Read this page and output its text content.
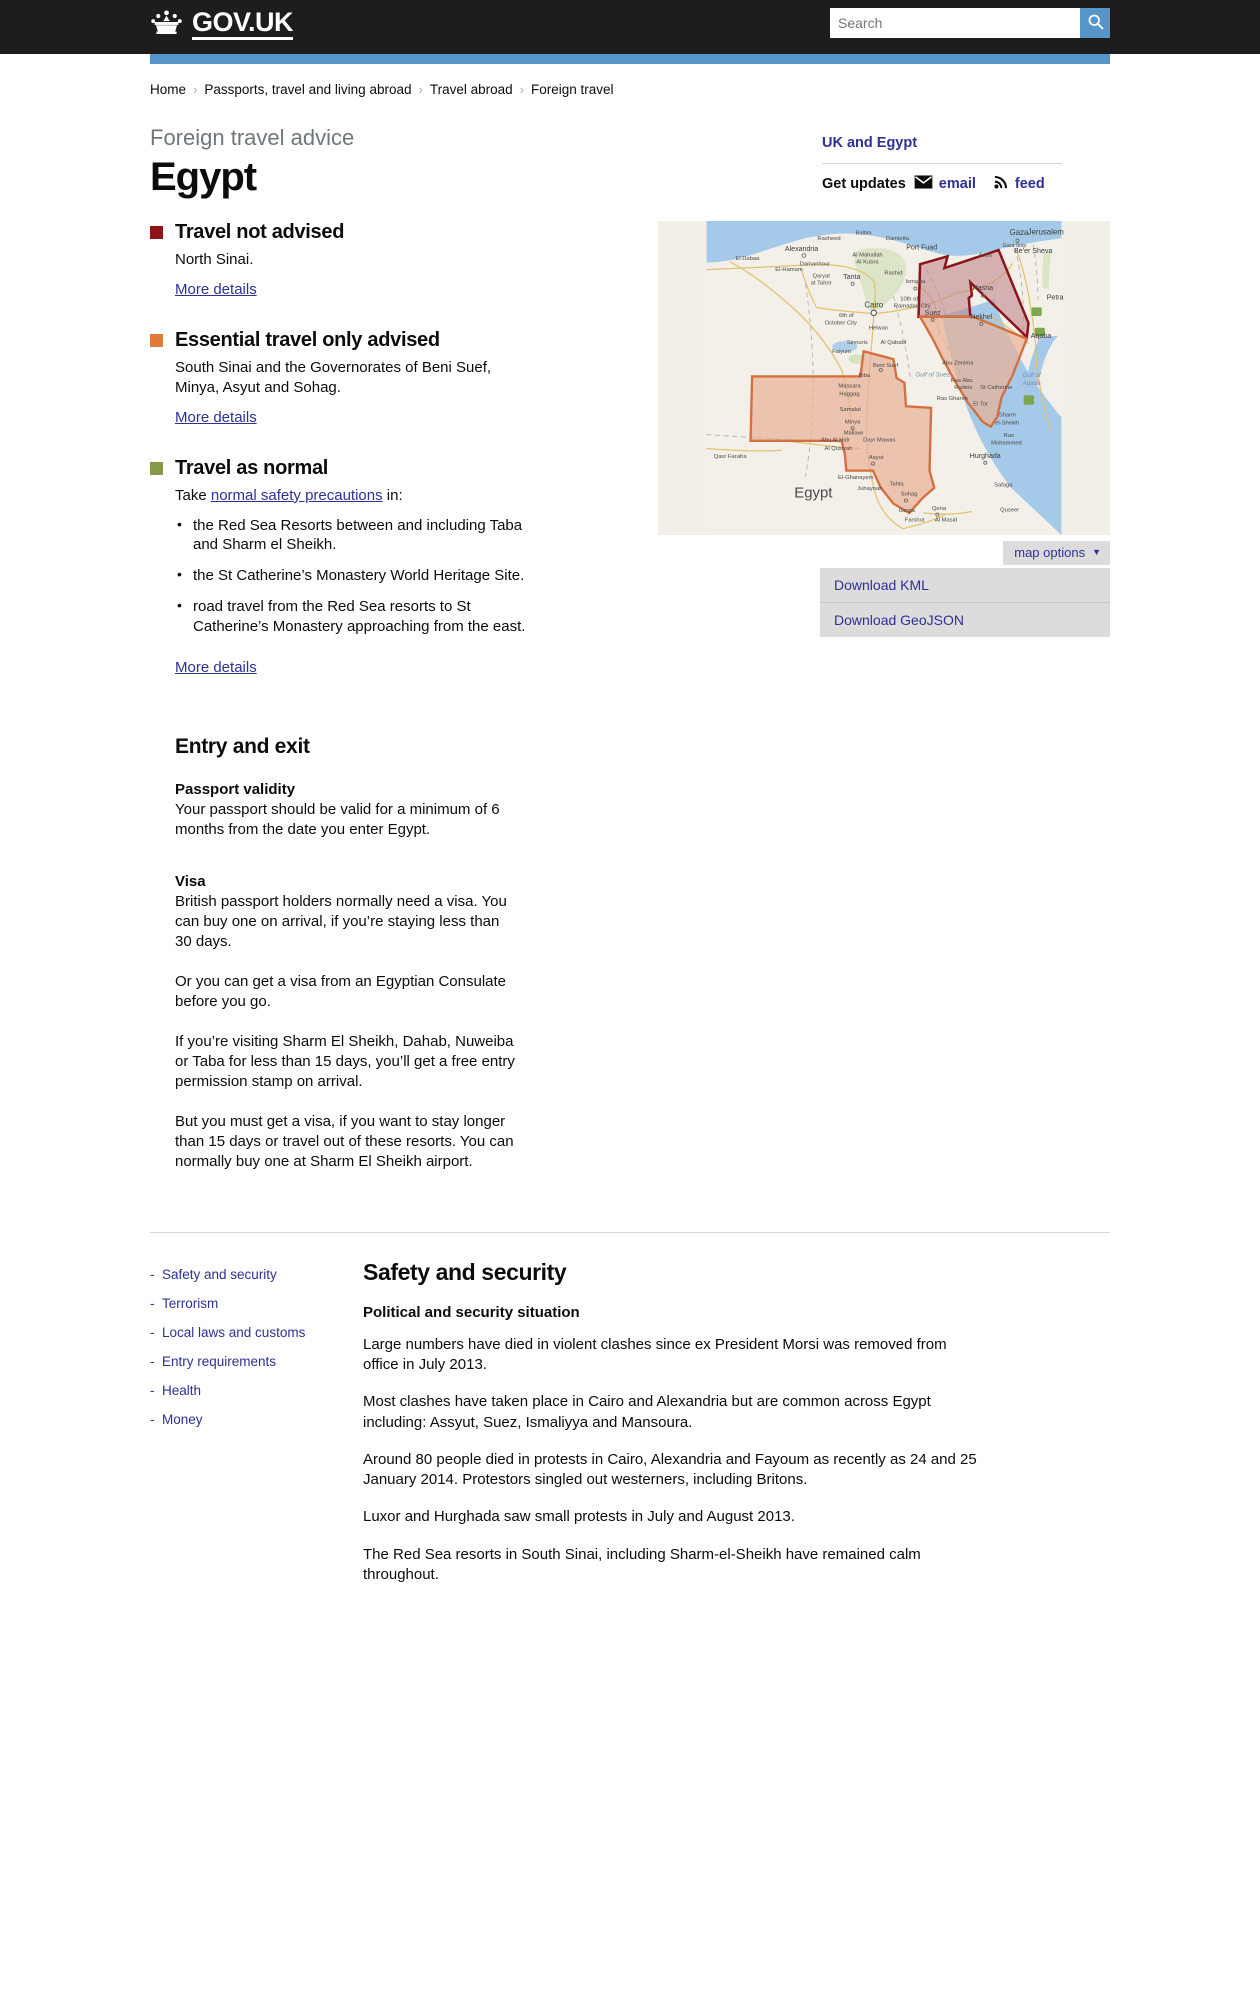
GOV.UK
Search
Home › Passports, travel and living abroad › Travel abroad › Foreign travel
Foreign travel advice
Egypt
UK and Egypt
Get updates email	feed
Travel not advised
North Sinai.
More details
Essential travel only advised
South Sinai and the Governorates of Beni Suef, Minya, Asyut and Sohag.
More details
Travel as normal
Take normal safety precautions in:
• the Red Sea Resorts between and including Taba and Sharm el Sheikh.
• the St Catherine’s Monastery World Heritage Site.
• road travel from the Red Sea resorts to St Catherine’s Monastery approaching from the east.
More details
Entry and exit
Passport validity

Your passport should be valid for a minimum of 6 months from the date you enter Egypt.

Visa

British passport holders normally need a visa. You can buy one on arrival, if you’re staying less than 30 days.

Or you can get a visa from an Egyptian Consulate before you go.

If you’re visiting Sharm El Sheikh, Dahab, Nuweiba or Taba for less than 15 days, you’ll get a free entry permission stamp on arrival.

But you must get a visa, if you want to stay longer than 15 days or travel out of these resorts. You can normally buy one at Sharm El Sheikh airport.

Rasheed
Baltim
Damietta
El Dabaa
El-Hamam
Damanhour
Al Mahallah
Al Kubra
Qaryat
at Tahrir
Rashid
Ismailia
10th of
Ramadan City
6th of
October City
Helwan
Sinnuris Al Qababt
Faiyum
Beni Suef
Biba
Massara
Haggag
Samalut
Minya
Mallawi
Dayr Mawas
Abu Al Hidr
Al Qusiyah
Asyut
El-Ghanayem
Juhaynah
Tahta
Sohag
Gerga Qena
Farshut Al Masid
Qasr Farafra
Abu Zenima
Ras Abu
Rudeis
Ras Ghareb
El Tor
St Catherine
Sharm
el-Sheikh
Ras
Mohammed
Safaga
Quseer
Gaza Strip
Arish
Alexandria	Port Fuad
Tanta
Cairo
Suez
Hasna
Nekhel
Hurghada
Gaza Jerusalem
Be’er Sheva
Petra
Aqaba
Gulf of Suez	Gulf of
Aqaba
Egypt
map options ▼
Download KML
Download GeoJSON
- Safety and security
- Terrorism
- Local laws and customs
- Entry requirements
- Health
- Money
Safety and security
Political and security situation

Large numbers have died in violent clashes since ex President Morsi was removed from office in July 2013.

Most clashes have taken place in Cairo and Alexandria but are common across Egypt including: Assyut, Suez, Ismaliyya and Mansoura.

Around 80 people died in protests in Cairo, Alexandria and Fayoum as recently as 24 and 25 January 2014. Protestors singled out westerners, including Britons.

Luxor and Hurghada saw small protests in July and August 2013.

The Red Sea resorts in South Sinai, including Sharm-el-Sheikh have remained calm throughout.
